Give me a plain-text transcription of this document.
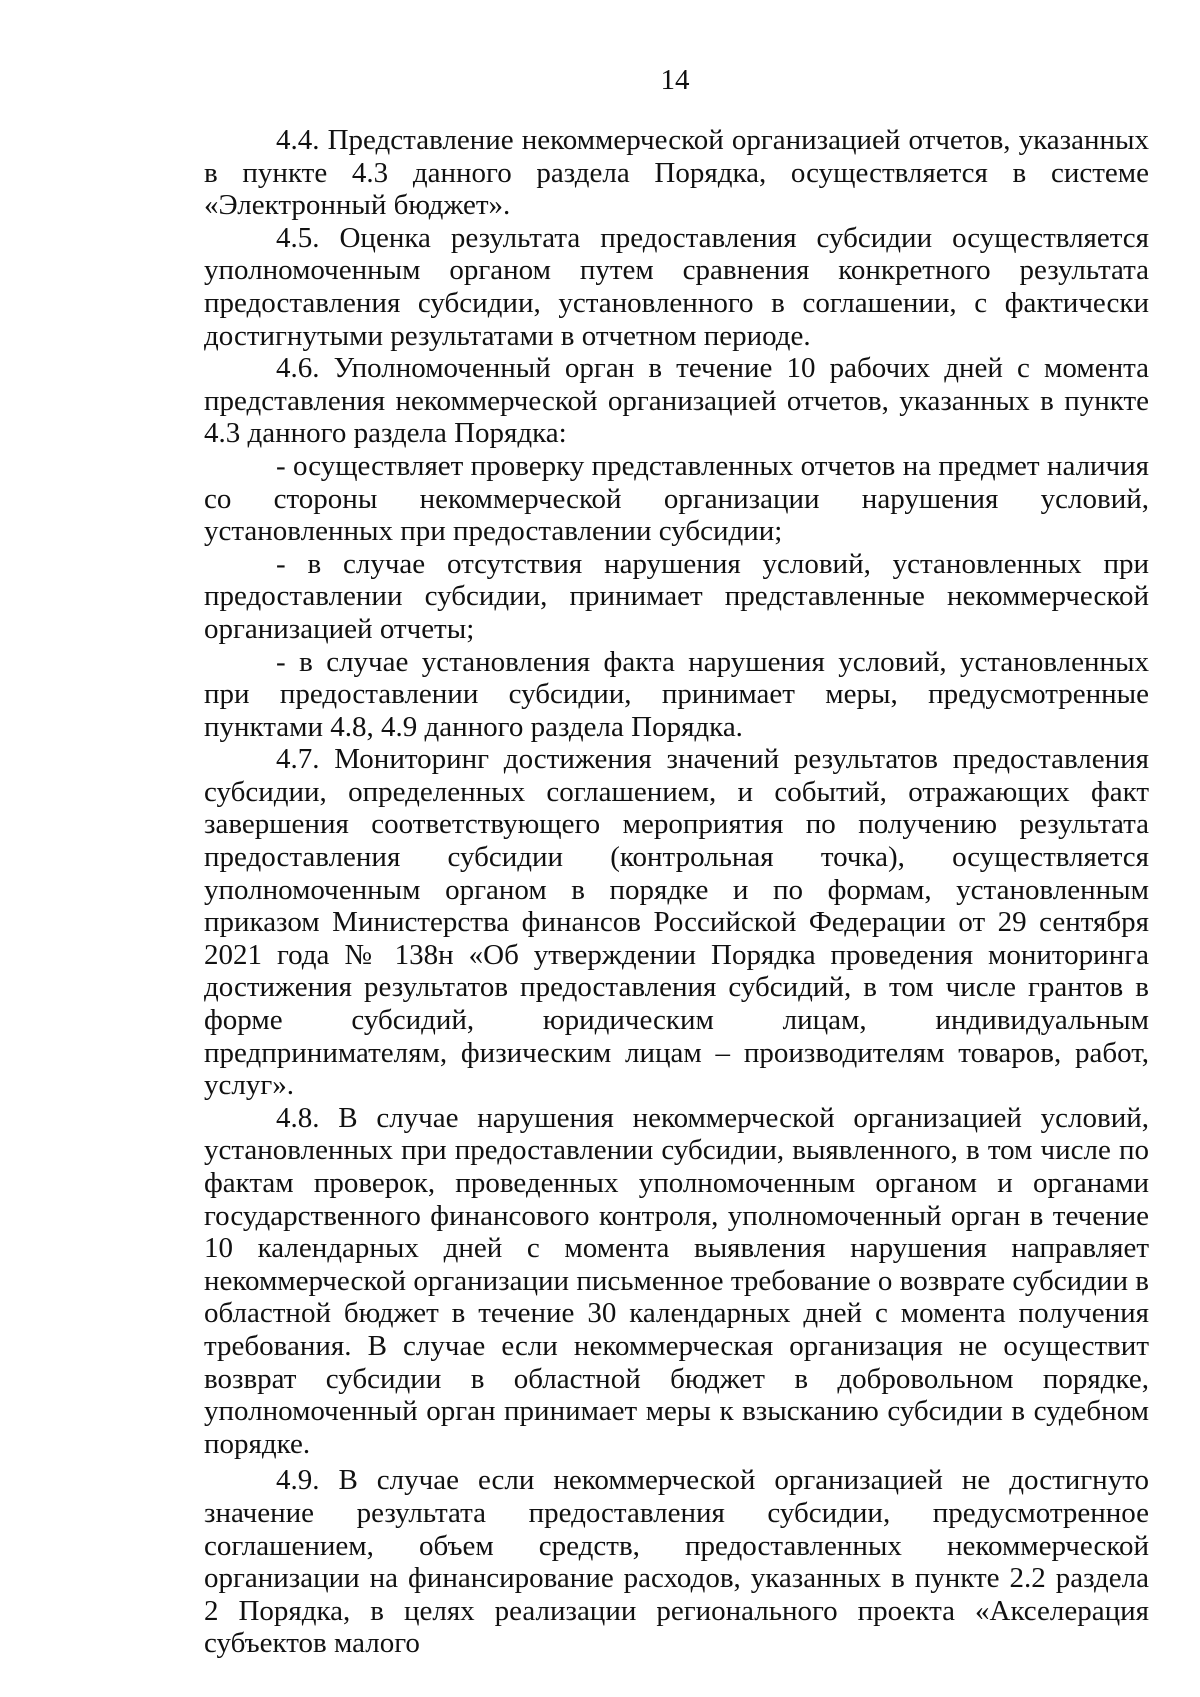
14

4.4. Представление некоммерческой организацией отчетов, указанных в пункте 4.3 данного раздела Порядка, осуществляется в системе «Электронный бюджет».

4.5. Оценка результата предоставления субсидии осуществляется уполномоченным органом путем сравнения конкретного результата предоставления субсидии, установленного в соглашении, с фактически достигнутыми результатами в отчетном периоде.

4.6. Уполномоченный орган в течение 10 рабочих дней с момента представления некоммерческой организацией отчетов, указанных в пункте 4.3 данного раздела Порядка:

- осуществляет проверку представленных отчетов на предмет наличия со стороны некоммерческой организации нарушения условий, установленных при предоставлении субсидии;

- в случае отсутствия нарушения условий, установленных при предоставлении субсидии, принимает представленные некоммерческой организацией отчеты;

- в случае установления факта нарушения условий, установленных при предоставлении субсидии, принимает меры, предусмотренные пунктами 4.8, 4.9 данного раздела Порядка.

4.7. Мониторинг достижения значений результатов предоставления субсидии, определенных соглашением, и событий, отражающих факт завершения соответствующего мероприятия по получению результата предоставления субсидии (контрольная точка), осуществляется уполномоченным органом в порядке и по формам, установленным приказом Министерства финансов Российской Федерации от 29 сентября 2021 года № 138н «Об утверждении Порядка проведения мониторинга достижения результатов предоставления субсидий, в том числе грантов в форме субсидий, юридическим лицам, индивидуальным предпринимателям, физическим лицам – производителям товаров, работ, услуг».

4.8. В случае нарушения некоммерческой организацией условий, установленных при предоставлении субсидии, выявленного, в том числе по фактам проверок, проведенных уполномоченным органом и органами государственного финансового контроля, уполномоченный орган в течение 10 календарных дней с момента выявления нарушения направляет некоммерческой организации письменное требование о возврате субсидии в областной бюджет в течение 30 календарных дней с момента получения требования. В случае если некоммерческая организация не осуществит возврат субсидии в областной бюджет в добровольном порядке, уполномоченный орган принимает меры к взысканию субсидии в судебном порядке.

4.9. В случае если некоммерческой организацией не достигнуто значение результата предоставления субсидии, предусмотренное соглашением, объем средств, предоставленных некоммерческой организации на финансирование расходов, указанных в пункте 2.2 раздела 2 Порядка, в целях реализации регионального проекта «Акселерация субъектов малого
